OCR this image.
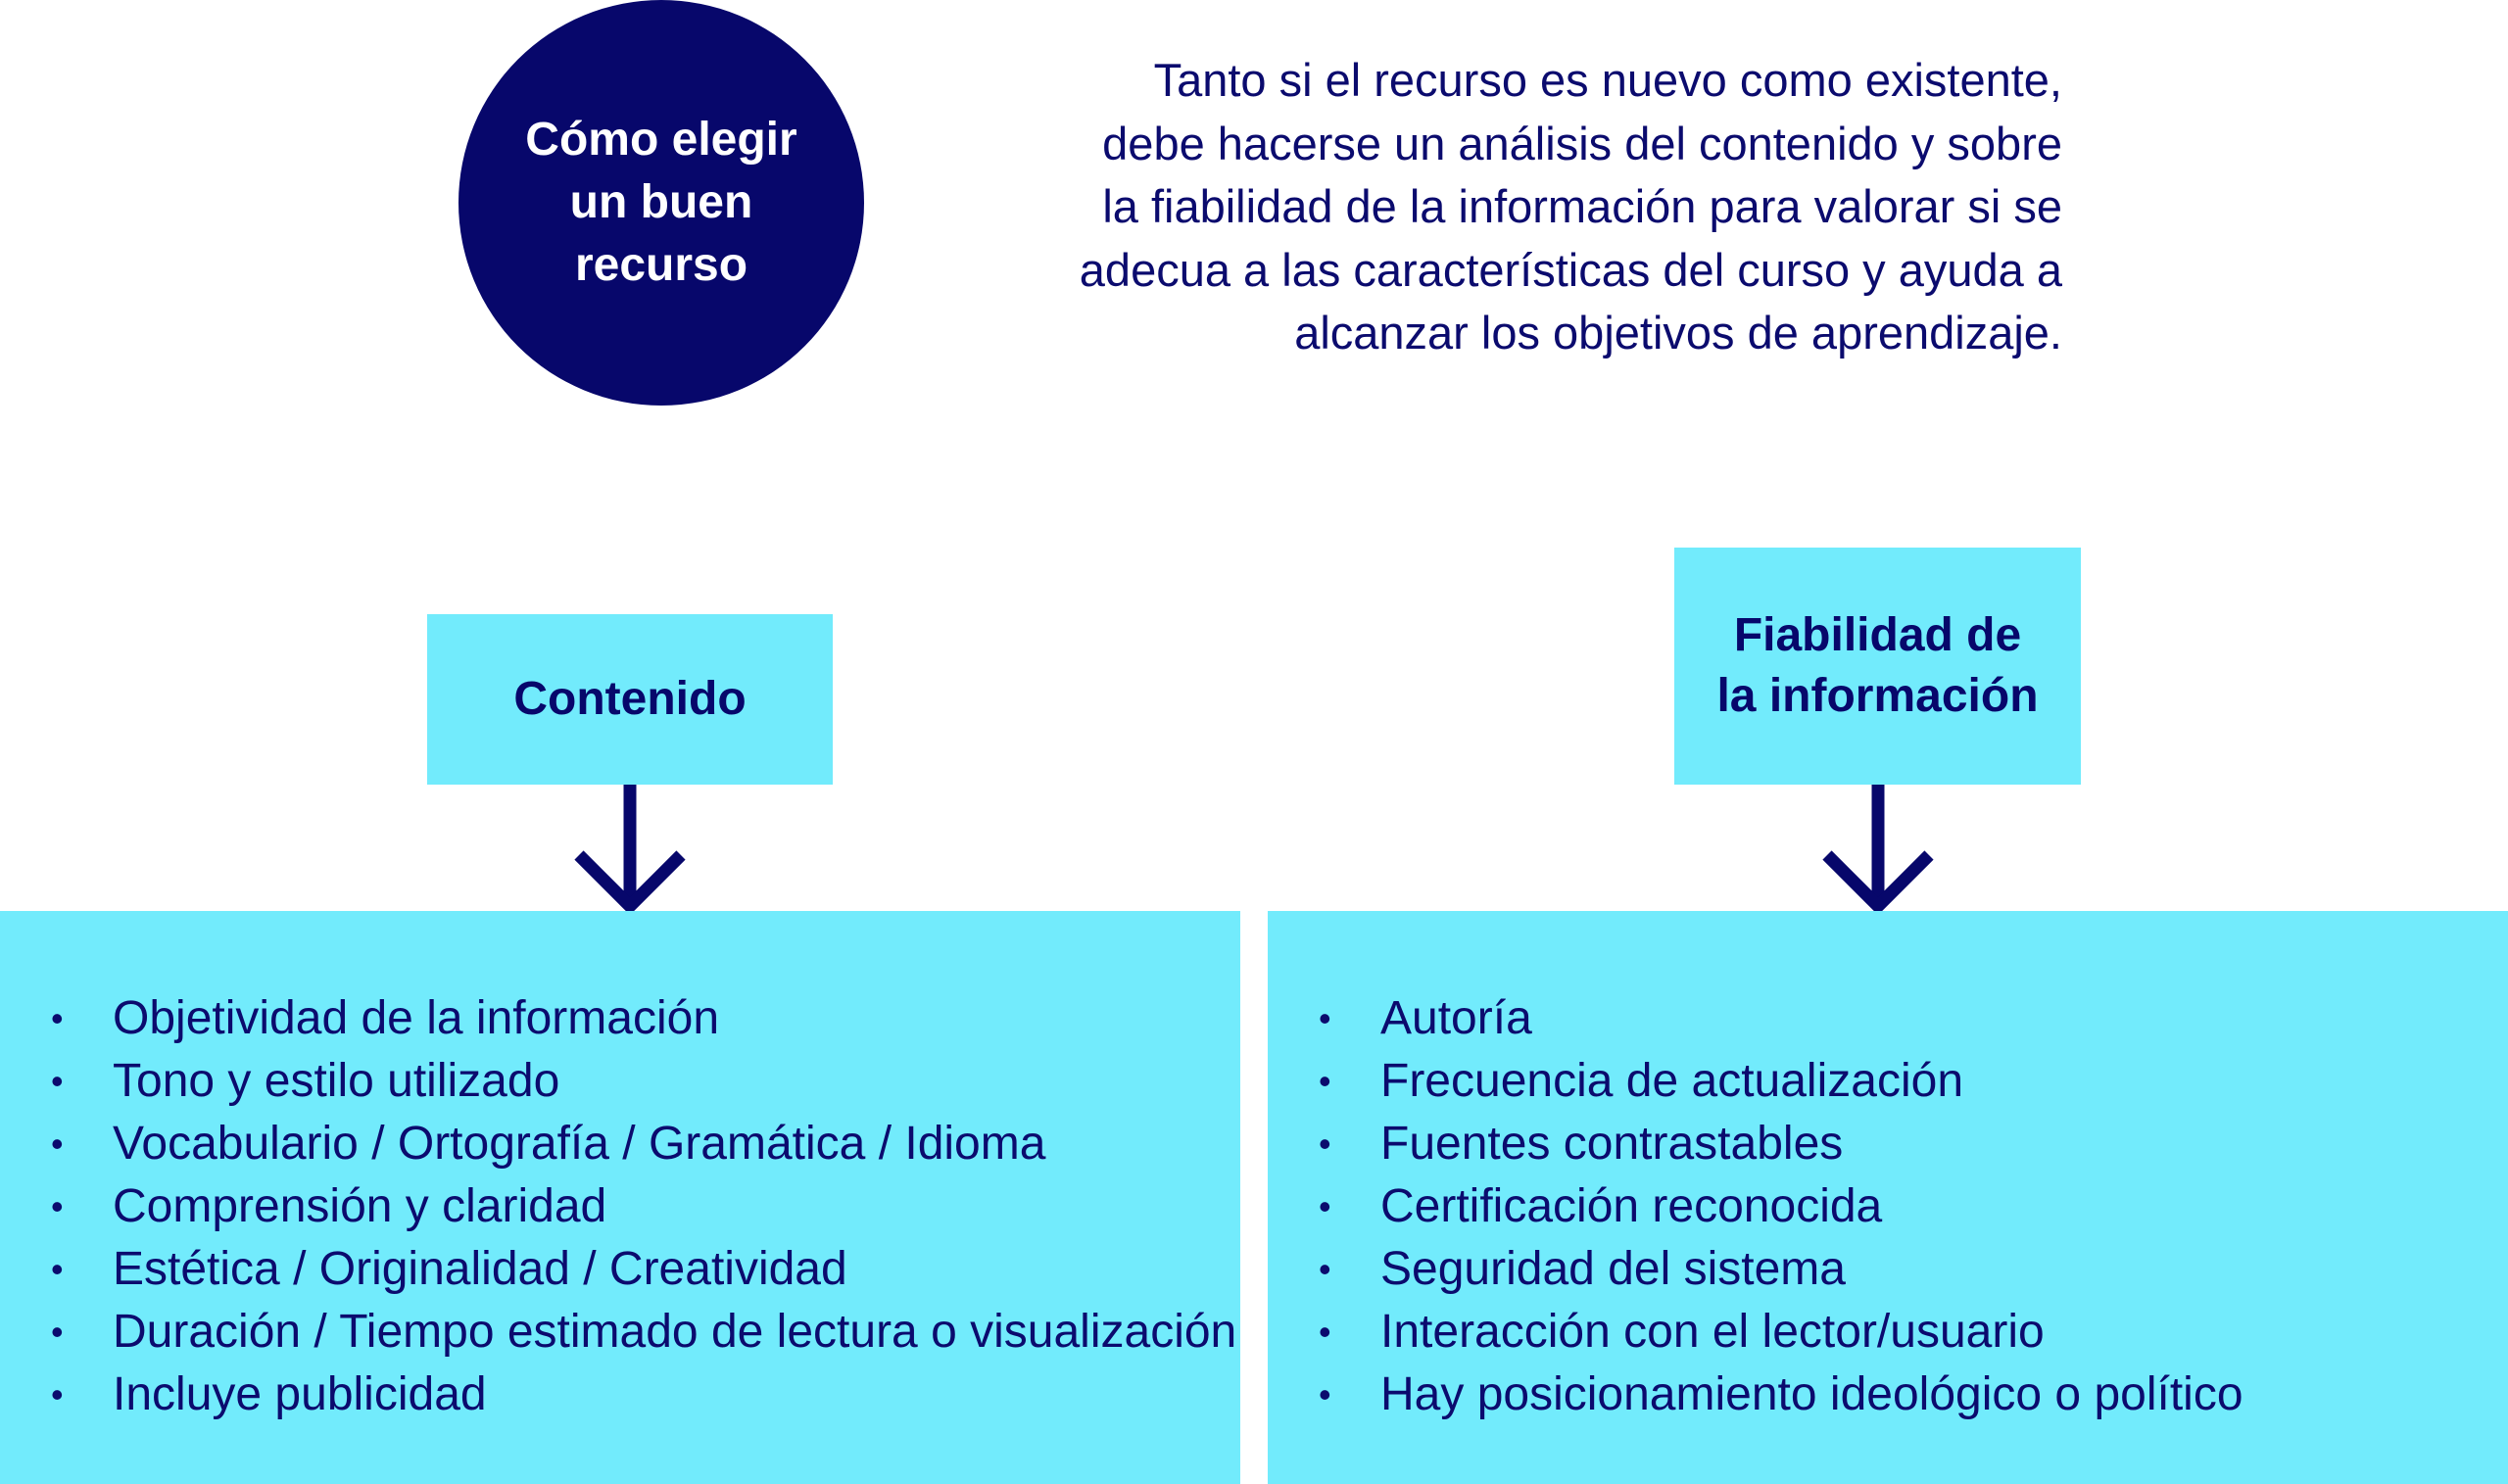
Cómo elegir
un buen
recurso
Tanto si el recurso es nuevo como existente,
debe hacerse un análisis del contenido y sobre
la fiabilidad de la información para valorar si se
adecua a las características del curso y ayuda a
alcanzar los objetivos de aprendizaje.
Contenido
Fiabilidad de
la información
• Objetividad de la información
• Tono y estilo utilizado
• Vocabulario / Ortografía / Gramática / Idioma
• Comprensión y claridad
• Estética / Originalidad / Creatividad
• Duración / Tiempo estimado de lectura o visualización
• Incluye publicidad
• Autoría
• Frecuencia de actualización
• Fuentes contrastables
• Certificación reconocida
• Seguridad del sistema
• Interacción con el lector/usuario
• Hay posicionamiento ideológico o político
